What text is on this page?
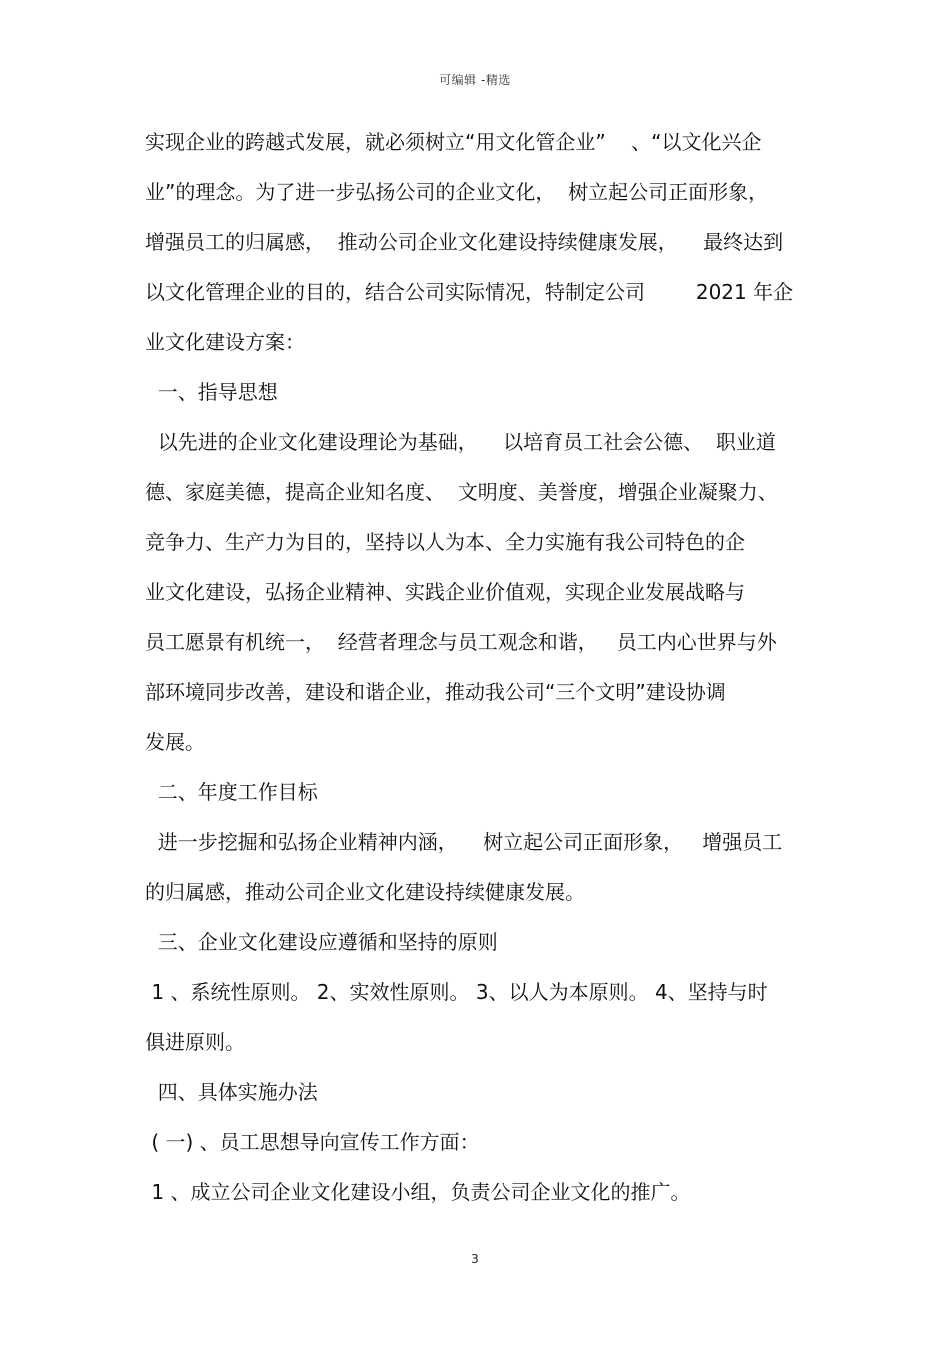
可编辑 -精选
实现企业的跨越式发展，就必须树立“用文化管企业”    、“以文化兴企
业”的理念。为了进一步弘扬公司的企业文化，  树立起公司正面形象，
增强员工的归属感，  推动公司企业文化建设持续健康发展，    最终达到
以文化管理企业的目的，结合公司实际情况，特制定公司        2021 年企
业文化建设方案：
一、指导思想
以先进的企业文化建设理论为基础，    以培育员工社会公德、  职业道
德、家庭美德，提高企业知名度、  文明度、美誉度，增强企业凝聚力、
竞争力、生产力为目的，坚持以人为本、全力实施有我公司特色的企
业文化建设，弘扬企业精神、实践企业价值观，实现企业发展战略与
员工愿景有机统一，  经营者理念与员工观念和谐，   员工内心世界与外
部环境同步改善，建设和谐企业，推动我公司“三个文明”建设协调
发展。
二、年度工作目标
进一步挖掘和弘扬企业精神内涵，    树立起公司正面形象，   增强员工
的归属感，推动公司企业文化建设持续健康发展。
三、企业文化建设应遵循和坚持的原则
1 、系统性原则。 2、实效性原则。 3、以人为本原则。 4、坚持与时
俱进原则。
四、具体实施办法
( 一) 、员工思想导向宣传工作方面：
1 、成立公司企业文化建设小组，负责公司企业文化的推广。
3
